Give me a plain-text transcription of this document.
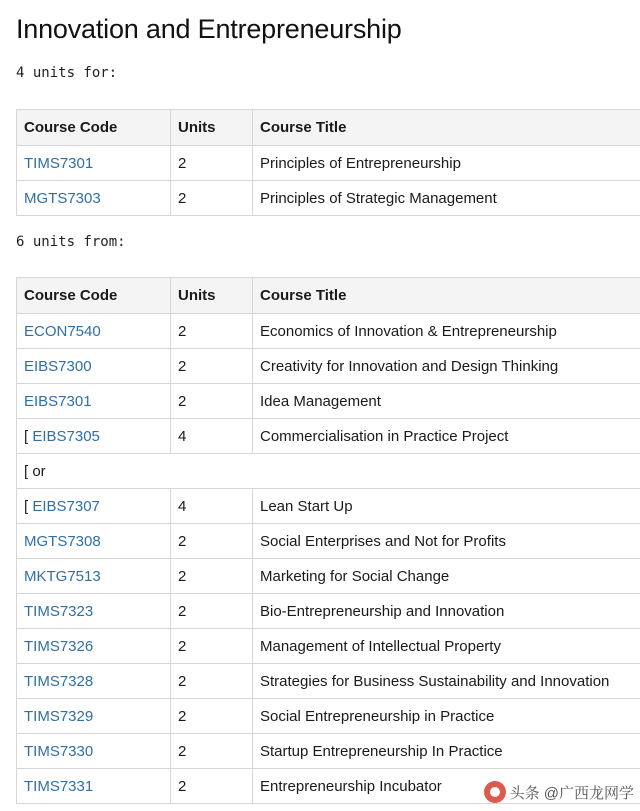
Innovation and Entrepreneurship
4 units for:
Course Code	Units	Course Title
TIMS7301	2	Principles of Entrepreneurship
MGTS7303	2	Principles of Strategic Management
6 units from:
Course Code	Units	Course Title
ECON7540	2	Economics of Innovation & Entrepreneurship
EIBS7300	2	Creativity for Innovation and Design Thinking
EIBS7301	2	Idea Management
[ EIBS7305	4	Commercialisation in Practice Project
[ or		
[ EIBS7307	4	Lean Start Up
MGTS7308	2	Social Enterprises and Not for Profits
MKTG7513	2	Marketing for Social Change
TIMS7323	2	Bio-Entrepreneurship and Innovation
TIMS7326	2	Management of Intellectual Property
TIMS7328	2	Strategies for Business Sustainability and Innovation
TIMS7329	2	Social Entrepreneurship in Practice
TIMS7330	2	Startup Entrepreneurship In Practice
TIMS7331	2	Entrepreneurship Incubator	头条 @广西龙网学
